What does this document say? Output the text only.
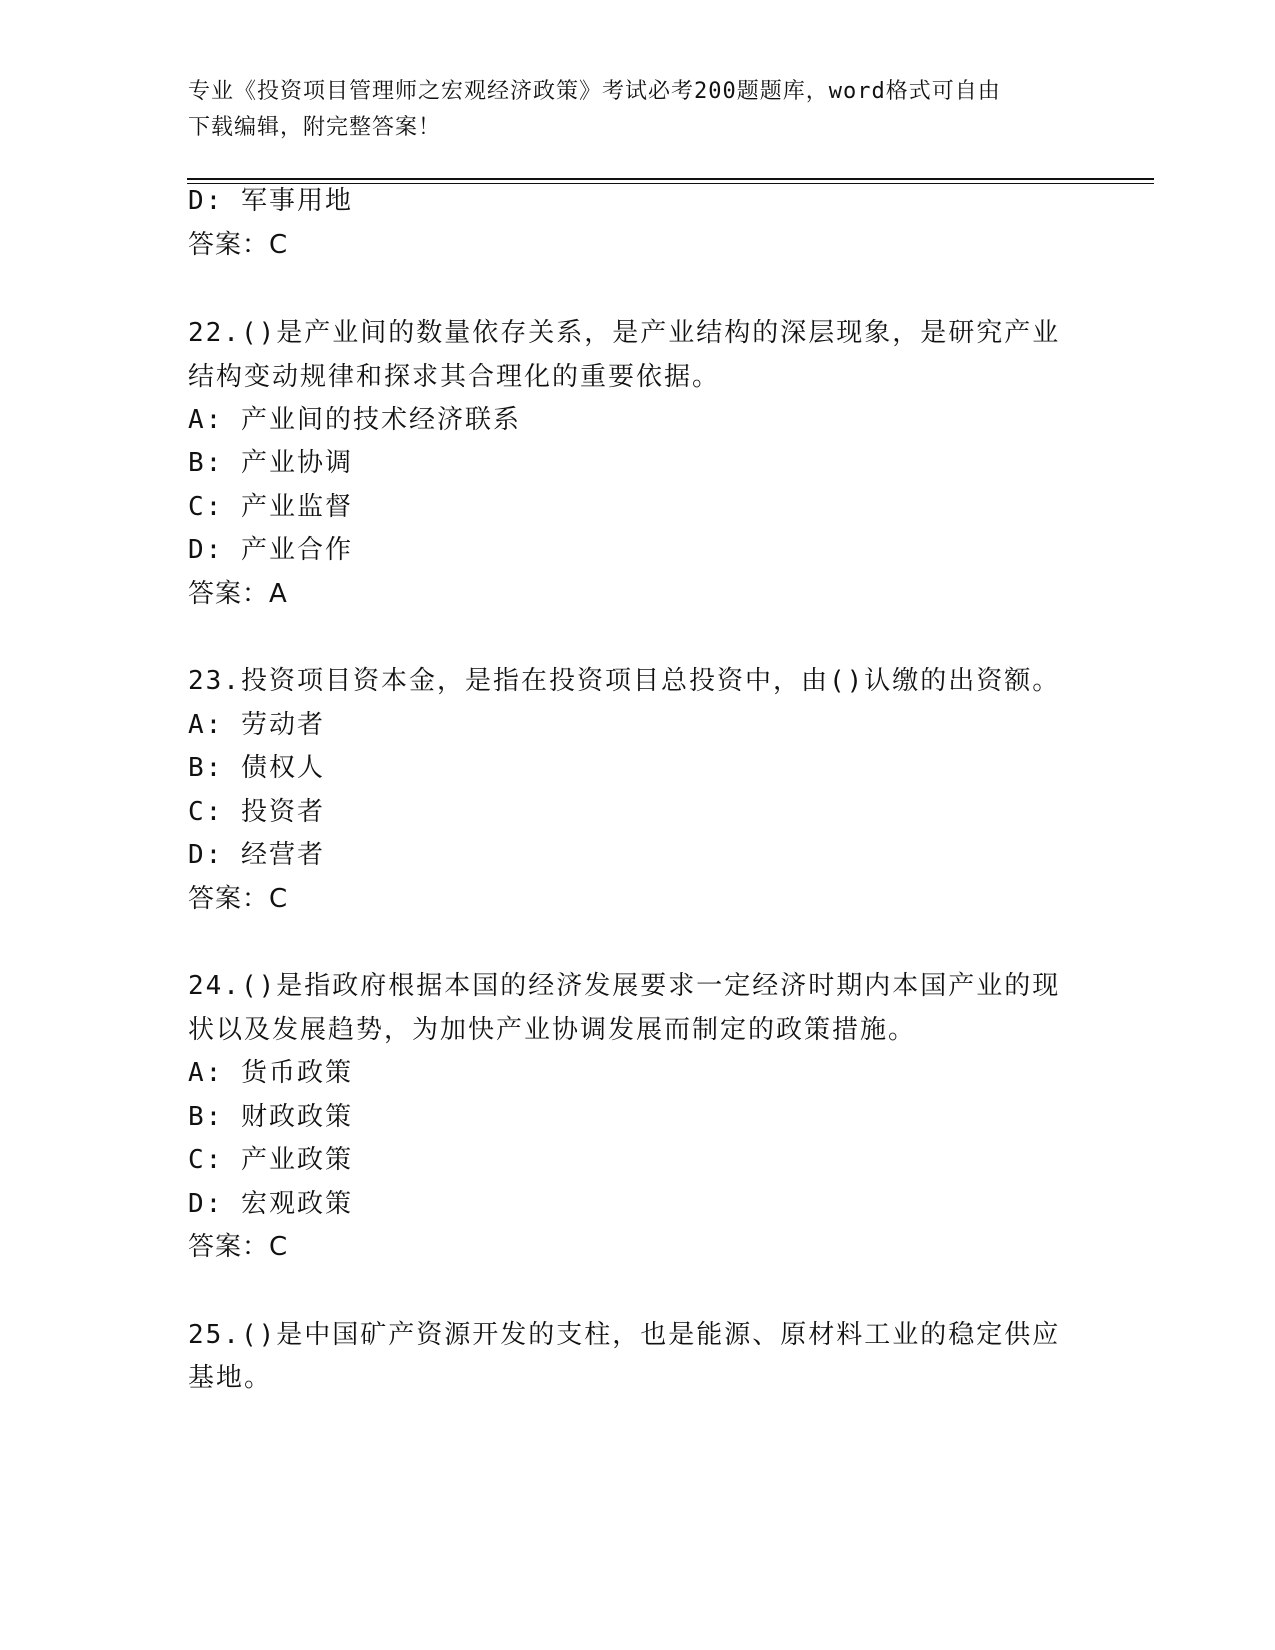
专业《投资项目管理师之宏观经济政策》考试必考200题题库，word格式可自由
下载编辑，附完整答案！
D: 军事用地
答案：C
22.()是产业间的数量依存关系，是产业结构的深层现象，是研究产业
结构变动规律和探求其合理化的重要依据。
A: 产业间的技术经济联系
B: 产业协调
C: 产业监督
D: 产业合作
答案：A
23.投资项目资本金，是指在投资项目总投资中，由()认缴的出资额。
A: 劳动者
B: 债权人
C: 投资者
D: 经营者
答案：C
24.()是指政府根据本国的经济发展要求一定经济时期内本国产业的现
状以及发展趋势，为加快产业协调发展而制定的政策措施。
A: 货币政策
B: 财政政策
C: 产业政策
D: 宏观政策
答案：C
25.()是中国矿产资源开发的支柱，也是能源、原材料工业的稳定供应
基地。
